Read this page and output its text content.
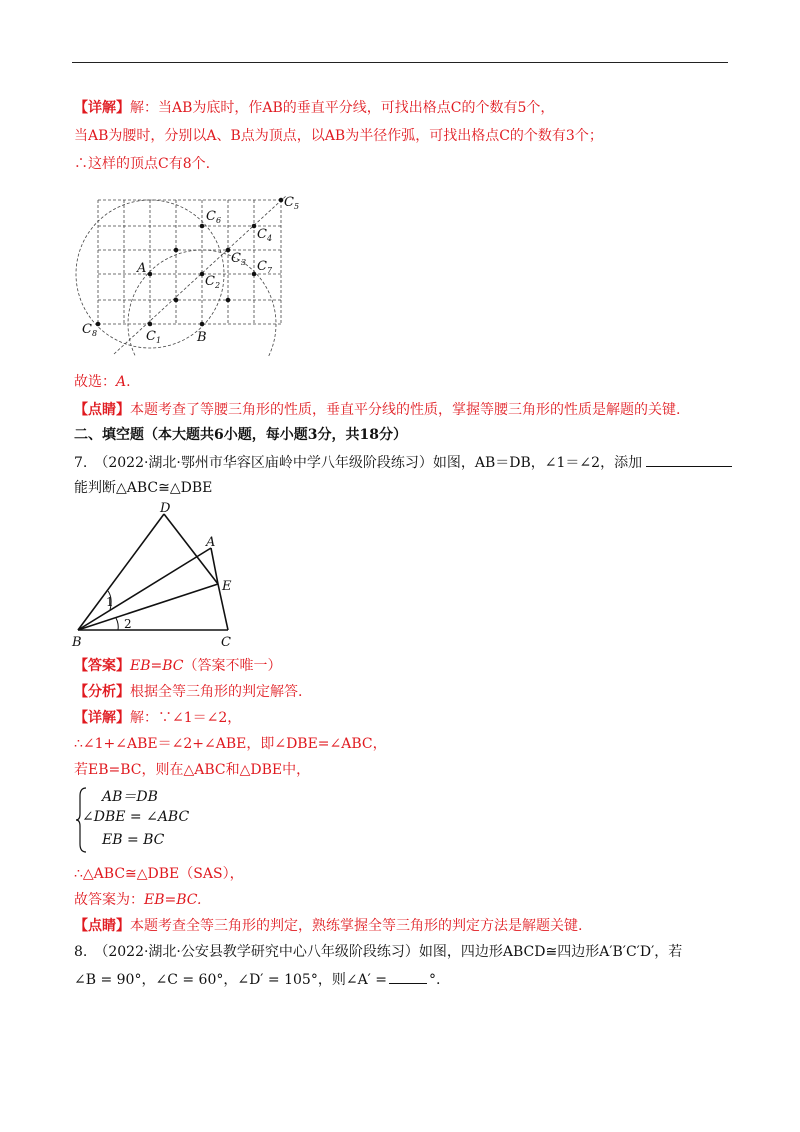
【详解】解：当AB为底时，作AB的垂直平分线，可找出格点C的个数有5个，
当AB为腰时，分别以A、B点为顶点，以AB为半径作弧，可找出格点C的个数有3个；
∴这样的顶点C有8个.
A
B
$C_1$
$C_2$
$C_3$
$C_4$
$C_5$
$C_6$
$C_7$
$C_8$
故选：A.
【点睛】本题考查了等腰三角形的性质，垂直平分线的性质，掌握等腰三角形的性质是解题的关键.
二、填空题（本大题共6小题，每小题3分，共18分）
7.　（2022·湖北·鄂州市华容区庙岭中学八年级阶段练习）如图，AB＝DB，∠1＝∠2，添加
能判断△ABC≅△DBE
D
A
E
B	C
1
2
【答案】EB=BC（答案不唯一）
【分析】根据全等三角形的判定解答.
【详解】解：∵∠1＝∠2，
∴∠1+∠ABE＝∠2+∠ABE，即∠DBE=∠ABC，
若EB=BC，则在△ABC和△DBE中，
AB＝DB
∠DBE = ∠ABC
EB = BC
∴△ABC≅△DBE（SAS），
故答案为：EB=BC.
【点睛】本题考查全等三角形的判定，熟练掌握全等三角形的判定方法是解题关键.
8.　（2022·湖北·公安县教学研究中心八年级阶段练习）如图，四边形ABCD≅四边形A′B′C′D′，若
∠B = 90°，∠C = 60°，∠D′ = 105°，则∠A′ =	°.
